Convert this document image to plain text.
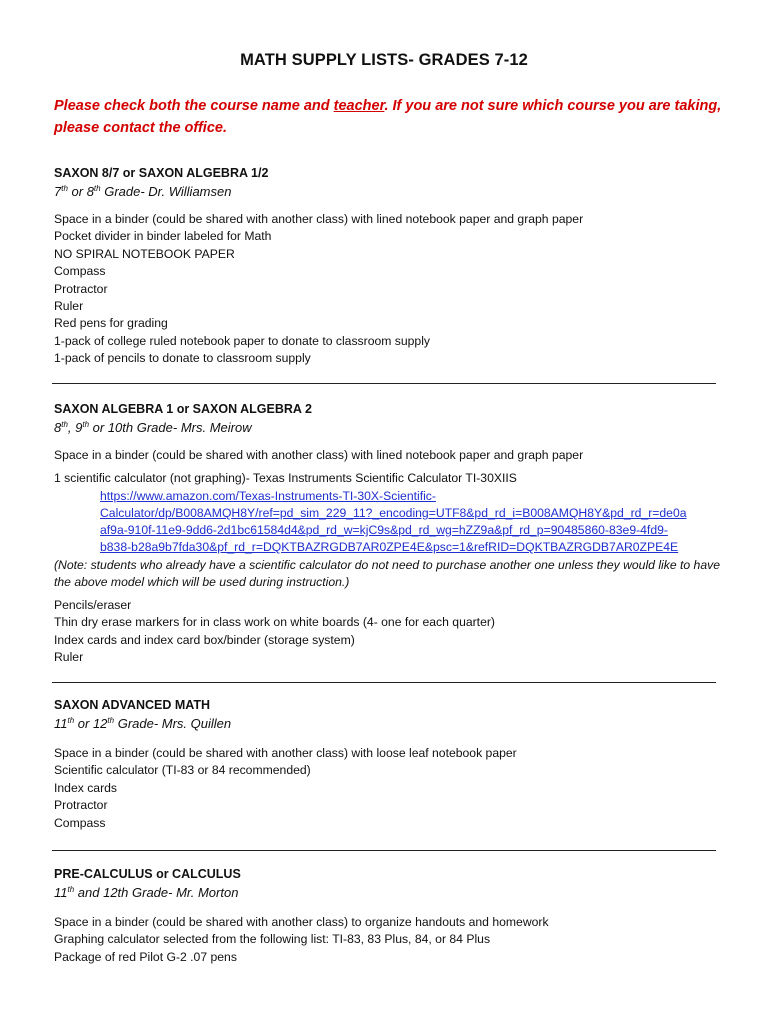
MATH SUPPLY LISTS- GRADES 7-12
Please check both the course name and teacher. If you are not sure which course you are taking, please contact the office.
SAXON 8/7 or SAXON ALGEBRA 1/2
7th or 8th Grade- Dr. Williamsen
Space in a binder (could be shared with another class) with lined notebook paper and graph paper
Pocket divider in binder labeled for Math
NO SPIRAL NOTEBOOK PAPER
Compass
Protractor
Ruler
Red pens for grading
1-pack of college ruled notebook paper to donate to classroom supply
1-pack of pencils to donate to classroom supply
SAXON ALGEBRA 1 or SAXON ALGEBRA 2
8th, 9th or 10th Grade- Mrs. Meirow
Space in a binder (could be shared with another class) with lined notebook paper and graph paper
1 scientific calculator (not graphing)- Texas Instruments Scientific Calculator TI-30XIIS
https://www.amazon.com/Texas-Instruments-TI-30X-Scientific-
Calculator/dp/B008AMQH8Y/ref=pd_sim_229_11?_encoding=UTF8&pd_rd_i=B008AMQH8Y&pd_rd_r=de0a
af9a-910f-11e9-9dd6-2d1bc61584d4&pd_rd_w=kjC9s&pd_rd_wg=hZZ9a&pf_rd_p=90485860-83e9-4fd9-
b838-b28a9b7fda30&pf_rd_r=DQKTBAZRGDB7AR0ZPE4E&psc=1&refRID=DQKTBAZRGDB7AR0ZPE4E
(Note: students who already have a scientific calculator do not need to purchase another one unless they would like to have the above model which will be used during instruction.)
Pencils/eraser
Thin dry erase markers for in class work on white boards (4- one for each quarter)
Index cards and index card box/binder (storage system)
Ruler
SAXON ADVANCED MATH
11th or 12th Grade- Mrs. Quillen
Space in a binder (could be shared with another class) with loose leaf notebook paper
Scientific calculator (TI-83 or 84 recommended)
Index cards
Protractor
Compass
PRE-CALCULUS or CALCULUS
11th and 12th Grade- Mr. Morton
Space in a binder (could be shared with another class) to organize handouts and homework
Graphing calculator selected from the following list: TI-83, 83 Plus, 84, or 84 Plus
Package of red Pilot G-2 .07 pens
